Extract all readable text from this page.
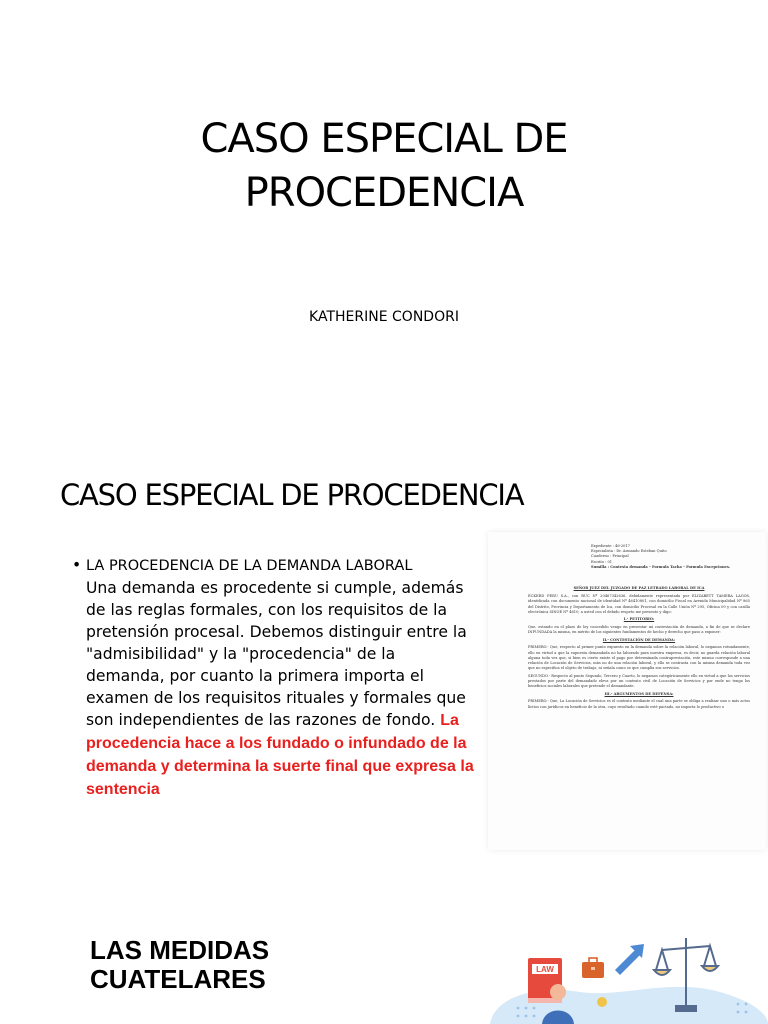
CASO ESPECIAL DE
PROCEDENCIA
KATHERINE CONDORI
CASO ESPECIAL DE PROCEDENCIA
• LA PROCEDENCIA DE LA DEMANDA LABORAL
Una demanda es procedente si cumple, además de las reglas formales, con los requisitos de la pretensión procesal. Debemos distinguir entre la "admisibilidad" y la "procedencia" de la demanda, por cuanto la primera importa el examen de los requisitos rituales y formales que son independientes de las razones de fondo. La procedencia hace a los fundado o infundado de la demanda y determina la suerte final que expresa la sentencia
Expediente : 46-2017
Especialista : Dr. Armando Esteban Quito
Cuaderno : Principal
Escrito : 01
Sumilla : Contesta demanda – Formula Tacha – Formula Excepciones.

SEÑOR JUEZ DEL JUZGADO DE PAZ LETRADO LABORAL DE ICA

ECKERD PERU S.A., con RUC Nº 20467342636, debidamente representada por ELIZABETT TAMERA LAGOS, identificada con documento nacional de identidad Nº 46410801, con domicilio Fiscal en Avenida Municipalidad Nº 865 del Distrito, Provincia y Departamento de Ica, con domicilio Procesal en la Calle Unión Nº 295, Oficina 09 y con casilla electrónica SINOE Nº 4610; a usted con el debido respeto me presento y digo:

I.- PETITORIO:

Que, estando en el plazo de ley concedido vengo en presentar mi contestación de demanda, a fin de que se declare INFUNDADA la misma, en mérito de los siguientes fundamentos de hecho y derecho que paso a exponer:

II.- CONTESTACIÓN DE DEMANDA:

PRIMERO.- Que, respecto al primer punto expuesto en la demanda sobre la relación laboral, lo negamos rotundamente, ello en virtud a que la supuesta demandada no ha laborado para nuestra empresa, es decir, no guarda relación laboral alguna toda vez que, si bien es cierto existe el pago por determinada contraprestación, este mismo corresponde a una relación de Locación de Servicios, más no de una relación laboral, y ello se contrasta con la misma demanda toda vez que no especifica el objeto de trabajo, ni señala como se que cumplía sus servicios.

SEGUNDO.- Respecto al punto Segundo, Tercero y Cuarto, lo negamos categóricamente ello en virtud a que los servicios prestados por parte del demandado eleva por un contrato civil de Locación de Servicios y por ende no tenga los beneficios sociales laborales que pretende el demandante.

III.- ARGUMENTOS DE DEFENSA:

PRIMERO.- Que, La Locación de Servicios es el contrato mediante el cual una parte se obliga a realizar uno o más actos lícitos con jurídicos en beneficio de la otra, cuyo resultado cuando esté pactado, no importa lo productivo o

LAS MEDIDAS
CUATELARES	LAW
